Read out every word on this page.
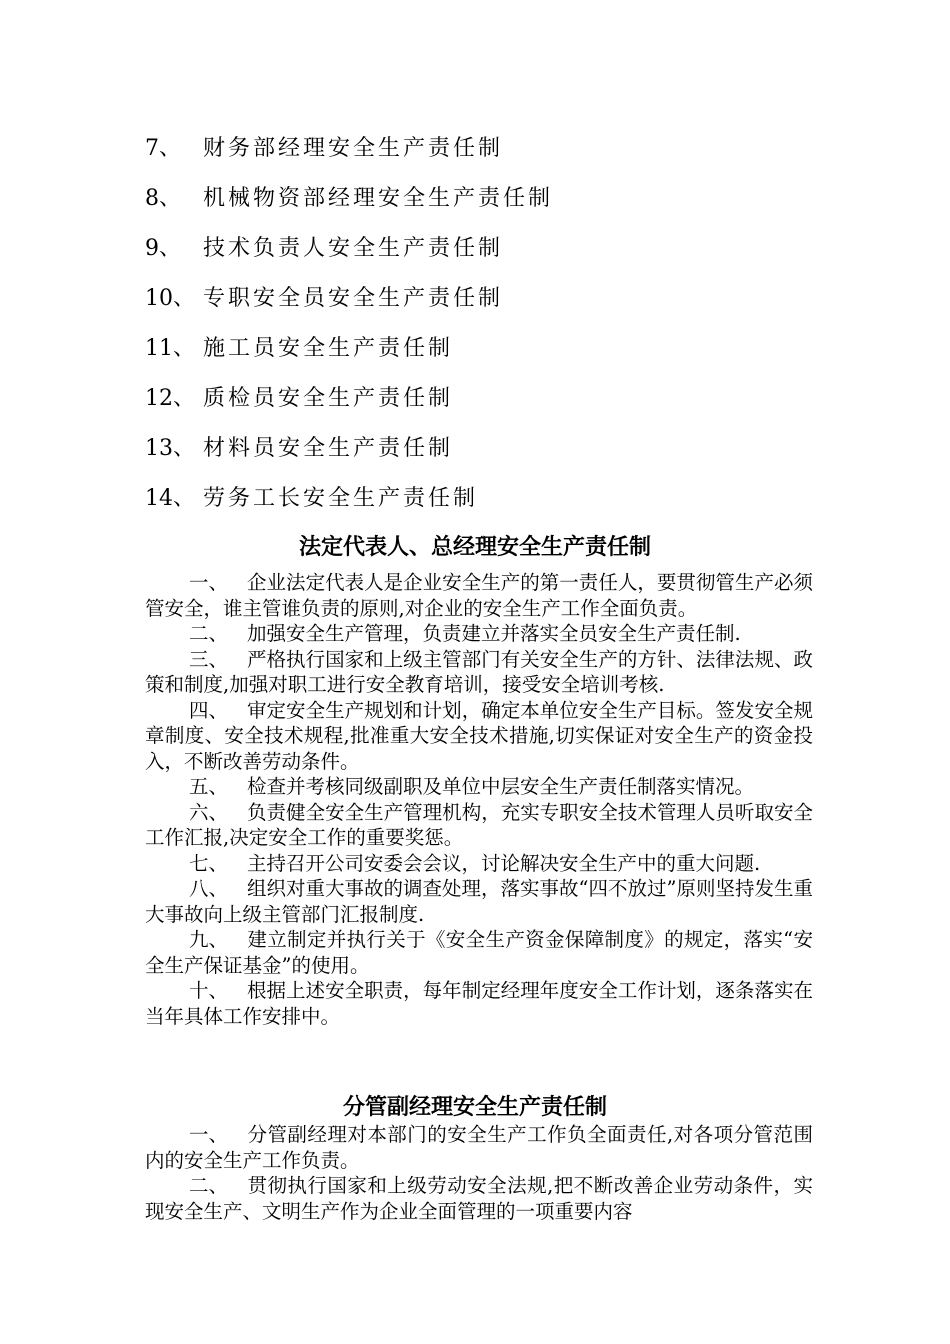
7、 财务部经理安全生产责任制
8、 机械物资部经理安全生产责任制
9、 技术负责人安全生产责任制
10、 专职安全员安全生产责任制
11、 施工员安全生产责任制
12、 质检员安全生产责任制
13、 材料员安全生产责任制
14、 劳务工长安全生产责任制
法定代表人、总经理安全生产责任制

一、 企业法定代表人是企业安全生产的第一责任人，要贯彻管生产必须管安全，谁主管谁负责的原则,对企业的安全生产工作全面负责。

二、 加强安全生产管理，负责建立并落实全员安全生产责任制.

三、 严格执行国家和上级主管部门有关安全生产的方针、法律法规、政策和制度,加强对职工进行安全教育培训，接受安全培训考核.

四、 审定安全生产规划和计划，确定本单位安全生产目标。签发安全规章制度、安全技术规程,批准重大安全技术措施,切实保证对安全生产的资金投入，不断改善劳动条件。

五、 检查并考核同级副职及单位中层安全生产责任制落实情况。

六、 负责健全安全生产管理机构，充实专职安全技术管理人员听取安全工作汇报,决定安全工作的重要奖惩。

七、 主持召开公司安委会会议，讨论解决安全生产中的重大问题.

八、 组织对重大事故的调查处理，落实事故“四不放过”原则坚持发生重大事故向上级主管部门汇报制度.

九、 建立制定并执行关于《安全生产资金保障制度》的规定，落实“安全生产保证基金”的使用。

十、 根据上述安全职责，每年制定经理年度安全工作计划，逐条落实在当年具体工作安排中。

分管副经理安全生产责任制

一、 分管副经理对本部门的安全生产工作负全面责任,对各项分管范围内的安全生产工作负责。

二、 贯彻执行国家和上级劳动安全法规,把不断改善企业劳动条件，实现安全生产、文明生产作为企业全面管理的一项重要内容
